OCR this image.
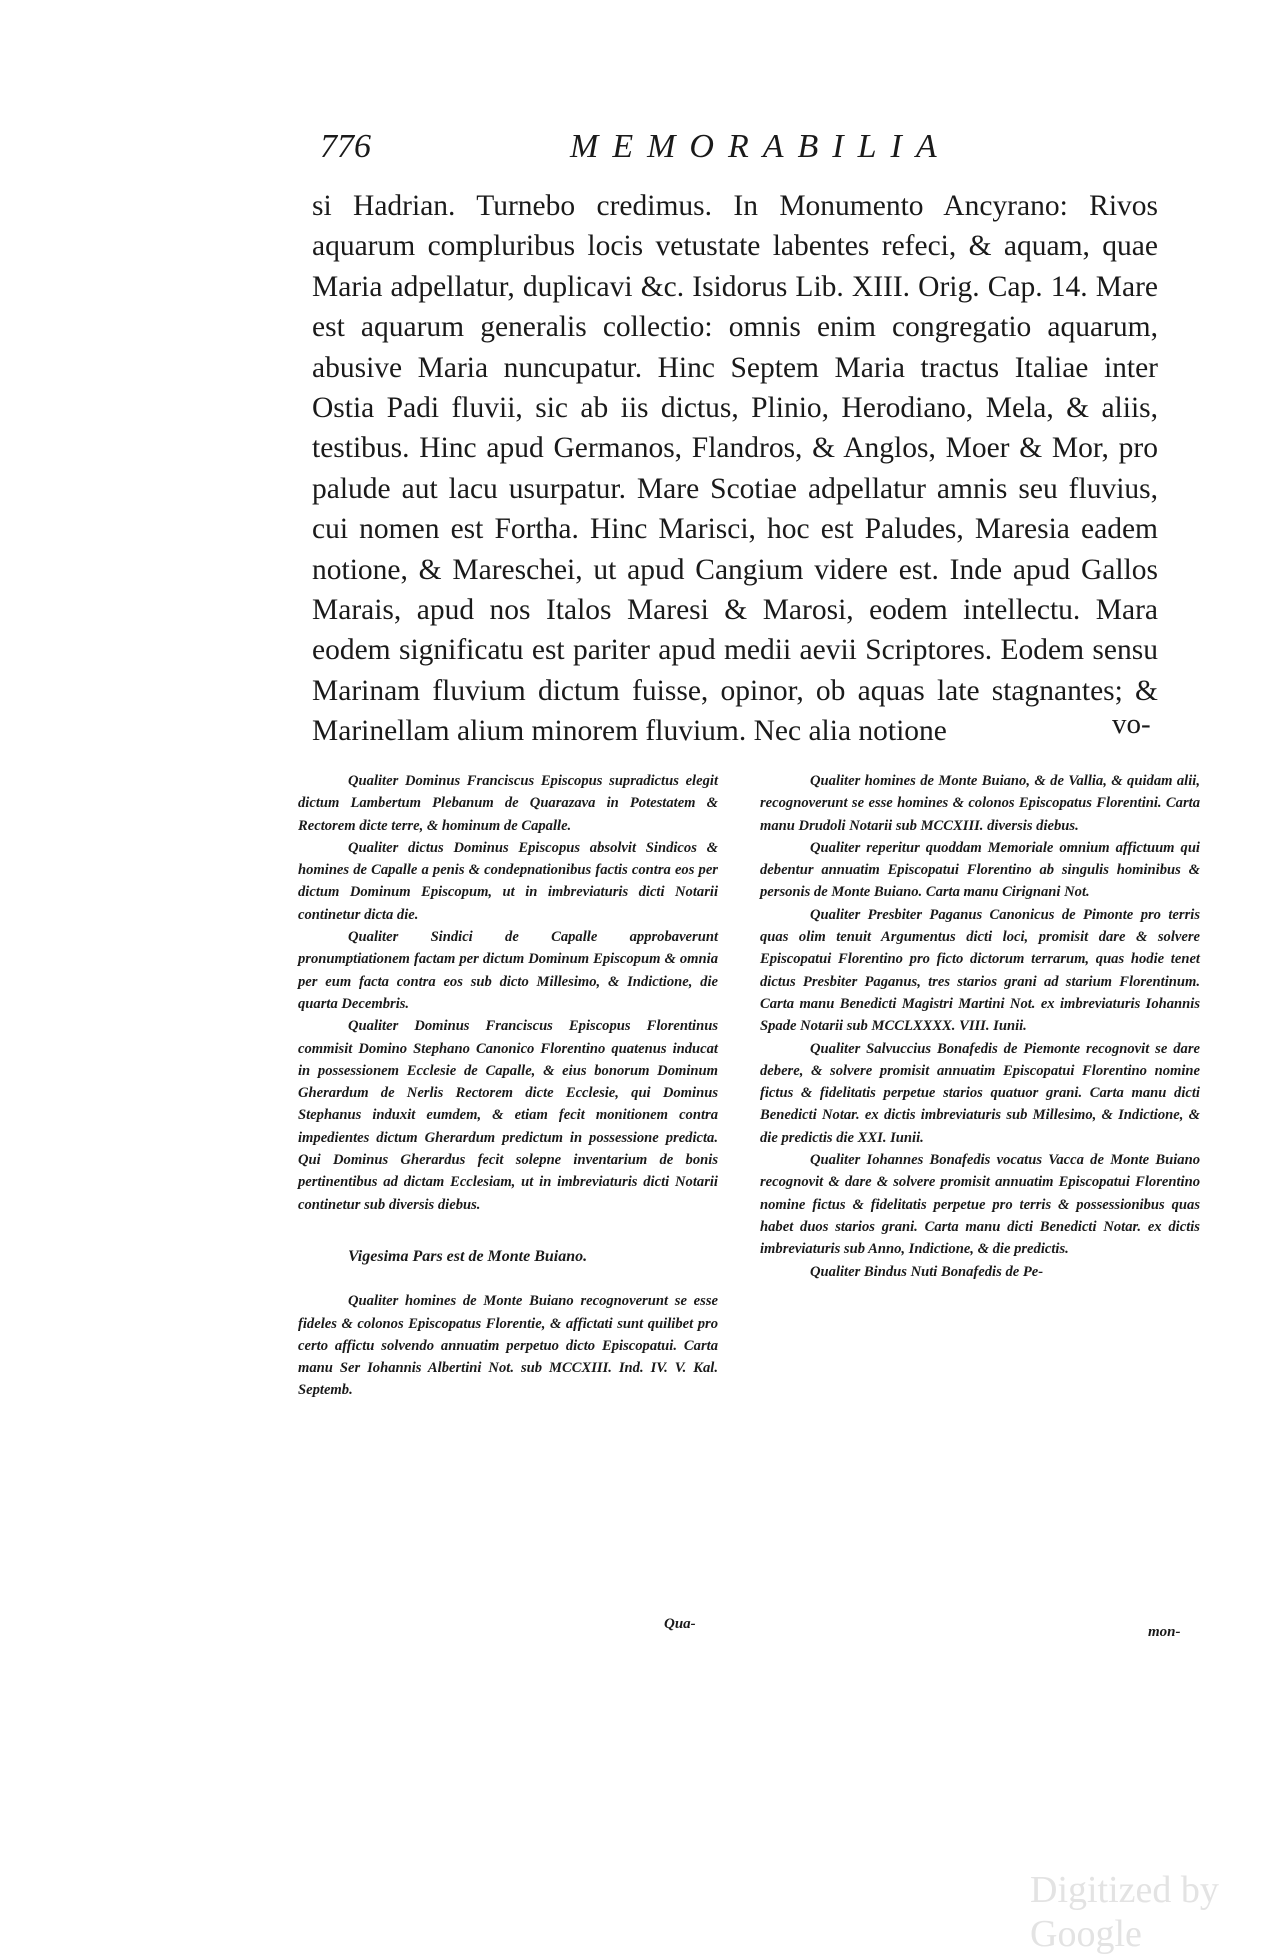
776	MEMORABILIA

si Hadrian. Turnebo credimus. In Monumento Ancyrano: Rivos aquarum compluribus locis vetustate labentes refeci, & aquam, quae Maria adpellatur, duplicavi &c. Isidorus Lib. XIII. Orig. Cap. 14. Mare est aquarum generalis collectio: omnis enim congregatio aquarum, abusive Maria nuncupatur. Hinc Septem Maria tractus Italiae inter Ostia Padi fluvii, sic ab iis dictus, Plinio, Herodiano, Mela, & aliis, testibus. Hinc apud Germanos, Flandros, & Anglos, Moer & Mor, pro palude aut lacu usurpatur. Mare Scotiae adpellatur amnis seu fluvius, cui nomen est Fortha. Hinc Marisci, hoc est Paludes, Maresia eadem notione, & Mareschei, ut apud Cangium videre est. Inde apud Gallos Marais, apud nos Italos Maresi & Marosi, eodem intellectu. Mara eodem significatu est pariter apud medii aevii Scriptores. Eodem sensu Marinam fluvium dictum fuisse, opinor, ob aquas late stagnantes; & Marinellam alium minorem fluvium. Nec alia notione	vo-

Qualiter Dominus Franciscus Episcopus supradictus elegit dictum Lambertum Plebanum de Quarazava in Potestatem & Rectorem dicte terre, & hominum de Capalle.

Qualiter dictus Dominus Episcopus absolvit Sindicos & homines de Capalle a penis & condepnationibus factis contra eos per dictum Dominum Episcopum, ut in imbreviaturis dicti Notarii continetur dicta die.

Qualiter Sindici de Capalle approbaverunt pronumptiationem factam per dictum Dominum Episcopum & omnia per eum facta contra eos sub dicto Millesimo, & Indictione, die quarta Decembris.

Qualiter Dominus Franciscus Episcopus Florentinus commisit Domino Stephano Canonico Florentino quatenus inducat in possessionem Ecclesie de Capalle, & eius bonorum Dominum Gherardum de Nerlis Rectorem dicte Ecclesie, qui Dominus Stephanus induxit eumdem, & etiam fecit monitionem contra impedientes dictum Gherardum predictum in possessione predicta. Qui Dominus Gherardus fecit solepne inventarium de bonis pertinentibus ad dictam Ecclesiam, ut in imbreviaturis dicti Notarii continetur sub diversis diebus.

Vigesima Pars est de Monte Buiano.

Qualiter homines de Monte Buiano recognoverunt se esse fideles & colonos Episcopatus Florentie, & affictati sunt quilibet pro certo affictu solvendo annuatim perpetuo dicto Episcopatui. Carta manu Ser Iohannis Albertini Not. sub MCCXIII. Ind. IV. V. Kal. Septemb.

Qua-

Qualiter homines de Monte Buiano, & de Vallia, & quidam alii, recognoverunt se esse homines & colonos Episcopatus Florentini. Carta manu Drudoli Notarii sub MCCXIII. diversis diebus.

Qualiter reperitur quoddam Memoriale omnium affictuum qui debentur annuatim Episcopatui Florentino ab singulis hominibus & personis de Monte Buiano. Carta manu Cirignani Not.

Qualiter Presbiter Paganus Canonicus de Pimonte pro terris quas olim tenuit Argumentus dicti loci, promisit dare & solvere Episcopatui Florentino pro ficto dictorum terrarum, quas hodie tenet dictus Presbiter Paganus, tres starios grani ad starium Florentinum. Carta manu Benedicti Magistri Martini Not. ex imbreviaturis Iohannis Spade Notarii sub MCCLXXXX. VIII. Iunii.

Qualiter Salvuccius Bonafedis de Piemonte recognovit se dare debere, & solvere promisit annuatim Episcopatui Florentino nomine fictus & fidelitatis perpetue starios quatuor grani. Carta manu dicti Benedicti Notar. ex dictis imbreviaturis sub Millesimo, & Indictione, & die predictis die XXI. Iunii.

Qualiter Iohannes Bonafedis vocatus Vacca de Monte Buiano recognovit & dare & solvere promisit annuatim Episcopatui Florentino nomine fictus & fidelitatis perpetue pro terris & possessionibus quas habet duos starios grani. Carta manu dicti Benedicti Notar. ex dictis imbreviaturis sub Anno, Indictione, & die predictis.

Qualiter Bindus Nuti Bonafedis de Pe-

mon-
Digitized by Google
